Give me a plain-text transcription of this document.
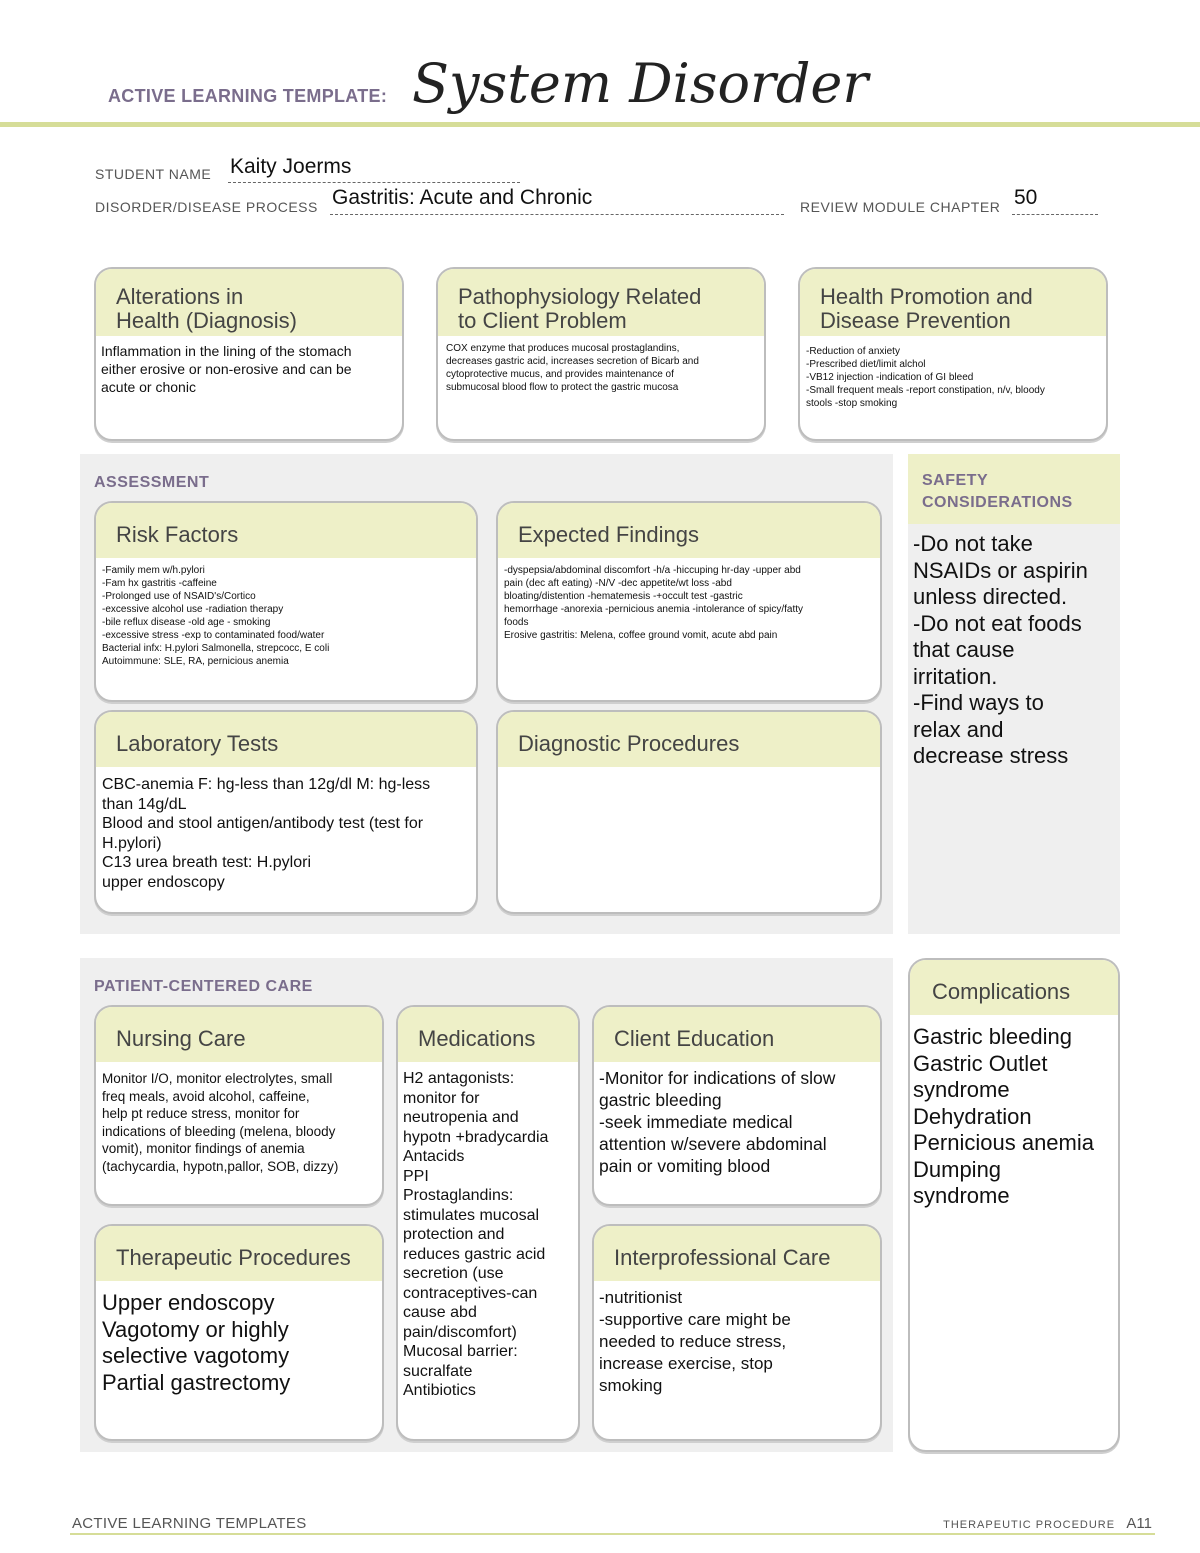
ACTIVE LEARNING TEMPLATE: System Disorder
STUDENT NAME Kaity Joerms
DISORDER/DISEASE PROCESS Gastritis: Acute and Chronic	REVIEW MODULE CHAPTER 50
Alterations in
Health (Diagnosis)
Inflammation in the lining of the stomach
either erosive or non-erosive and can be
acute or chonic
Pathophysiology Related
to Client Problem
COX enzyme that produces mucosal prostaglandins,
decreases gastric acid, increases secretion of Bicarb and
cytoprotective mucus, and provides maintenance of
submucosal blood flow to protect the gastric mucosa
Health Promotion and
Disease Prevention
-Reduction of anxiety
-Prescribed diet/limit alchol
-VB12 injection -indication of GI bleed
-Small frequent meals -report constipation, n/v, bloody
stools -stop smoking
ASSESSMENT
Risk Factors
-Family mem w/h.pylori
-Fam hx gastritis -caffeine
-Prolonged use of NSAID's/Cortico
-excessive alcohol use -radiation therapy
-bile reflux disease -old age - smoking
-excessive stress -exp to contaminated food/water
Bacterial infx: H.pylori Salmonella, strepcocc, E coli
Autoimmune: SLE, RA, pernicious anemia
Expected Findings
-dyspepsia/abdominal discomfort -h/a -hiccuping hr-day -upper abd
pain (dec aft eating) -N/V -dec appetite/wt loss -abd
bloating/distention -hematemesis -+occult test -gastric
hemorrhage -anorexia -pernicious anemia -intolerance of spicy/fatty
foods
Erosive gastritis: Melena, coffee ground vomit, acute abd pain
Laboratory Tests
CBC-anemia F: hg-less than 12g/dl M: hg-less
than 14g/dL
Blood and stool antigen/antibody test (test for
H.pylori)
C13 urea breath test: H.pylori
upper endoscopy
Diagnostic Procedures
SAFETY
CONSIDERATIONS
-Do not take
NSAIDs or aspirin
unless directed.
-Do not eat foods
that cause
irritation.
-Find ways to
relax and
decrease stress
PATIENT-CENTERED CARE
Nursing Care
Monitor I/O, monitor electrolytes, small
freq meals, avoid alcohol, caffeine,
help pt reduce stress, monitor for
indications of bleeding (melena, bloody
vomit), monitor findings of anemia
(tachycardia, hypotn,pallor, SOB, dizzy)
Medications
H2 antagonists:
monitor for
neutropenia and
hypotn +bradycardia
Antacids
PPI
Prostaglandins:
stimulates mucosal
protection and
reduces gastric acid
secretion (use
contraceptives-can
cause abd
pain/discomfort)
Mucosal barrier:
sucralfate
Antibiotics
Client Education
-Monitor for indications of slow
gastric bleeding
-seek immediate medical
attention w/severe abdominal
pain or vomiting blood
Therapeutic Procedures
Upper endoscopy
Vagotomy or highly
selective vagotomy
Partial gastrectomy
Interprofessional Care
-nutritionist
-supportive care might be
needed to reduce stress,
increase exercise, stop
smoking
Complications
Gastric bleeding
Gastric Outlet
syndrome
Dehydration
Pernicious anemia
Dumping
syndrome
ACTIVE LEARNING TEMPLATES	THERAPEUTIC PROCEDURE A11
